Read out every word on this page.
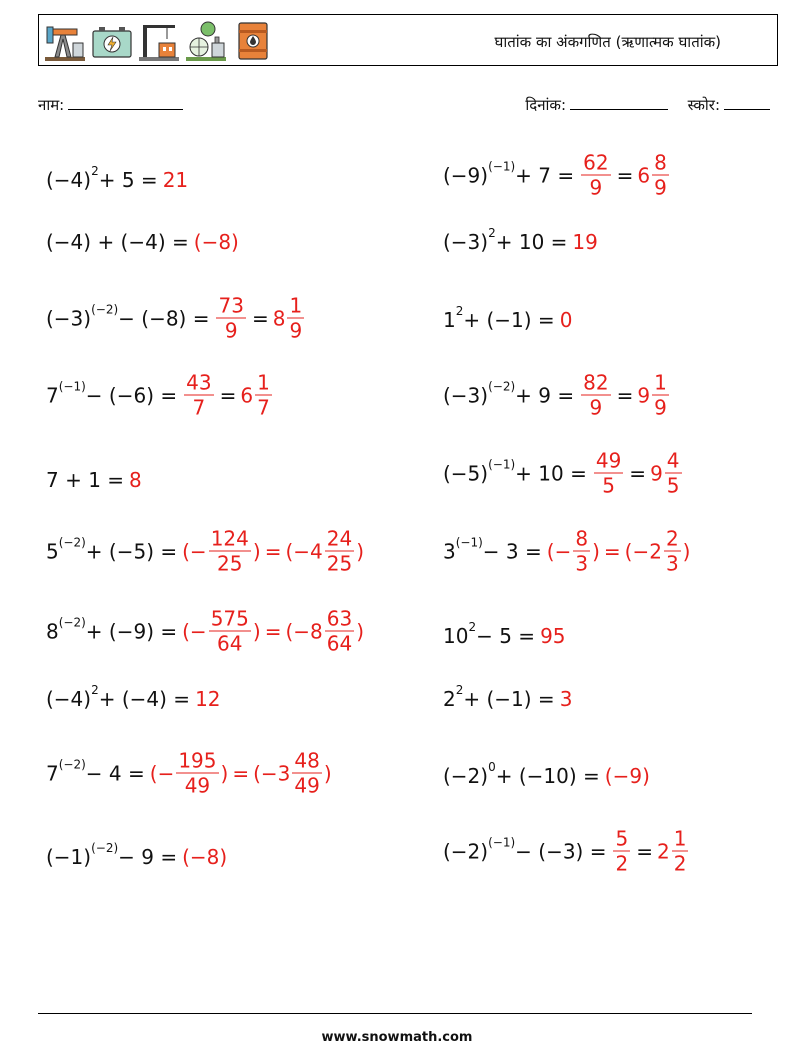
घातांक का अंकगणित (ऋणात्मक घातांक)
नाम:	दिनांक:	स्कोर:
$(-4)^2 + 5 = 21$	$(-9)^{(-1)} + 7 = \frac{62}{9} = 6 \frac{8}{9}$
(−4) + (−4) = (−8)	$(-3)^2 + 10 = 19$
$(-3)^{(-2)} - (-8) = \frac{73}{9} = 8 \frac{1}{9}$	$1^2 + (-1) = 0$
$7^{(-1)} - (-6) = \frac{43}{7} = 6 \frac{1}{7}$	$(-3)^{(-2)} + 9 = \frac{82}{9} = 9 \frac{1}{9}$
7 + 1 = 8	$(-5)^{(-1)} + 10 = \frac{49}{5} = 9 \frac{4}{5}$
$5^{(-2)} + (-5)$ = (− $\frac{124}{25}$ ) = (− $4 \frac{24}{25}$ )	$3^{(-1)} - 3$ = (− $\frac{8}{3}$ ) = (− $2 \frac{2}{3}$ )
$8^{(-2)} + (-9)$ = (− $\frac{575}{64}$ ) = (− $8 \frac{63}{64}$ )	$10^2 - 5 = 95$
$(-4)^2 + (-4) = 12$	$2^2 + (-1) = 3$
$7^{(-2)} - 4$ = (− $\frac{195}{49}$ ) = (− $3 \frac{48}{49}$ )	$(-2)^0 + (-10) = (-9)$
$(-1)^{(-2)} - 9 = (-8)$	$(-2)^{(-1)} - (-3) = \frac{5}{2} = 2 \frac{1}{2}$
www.snowmath.com
